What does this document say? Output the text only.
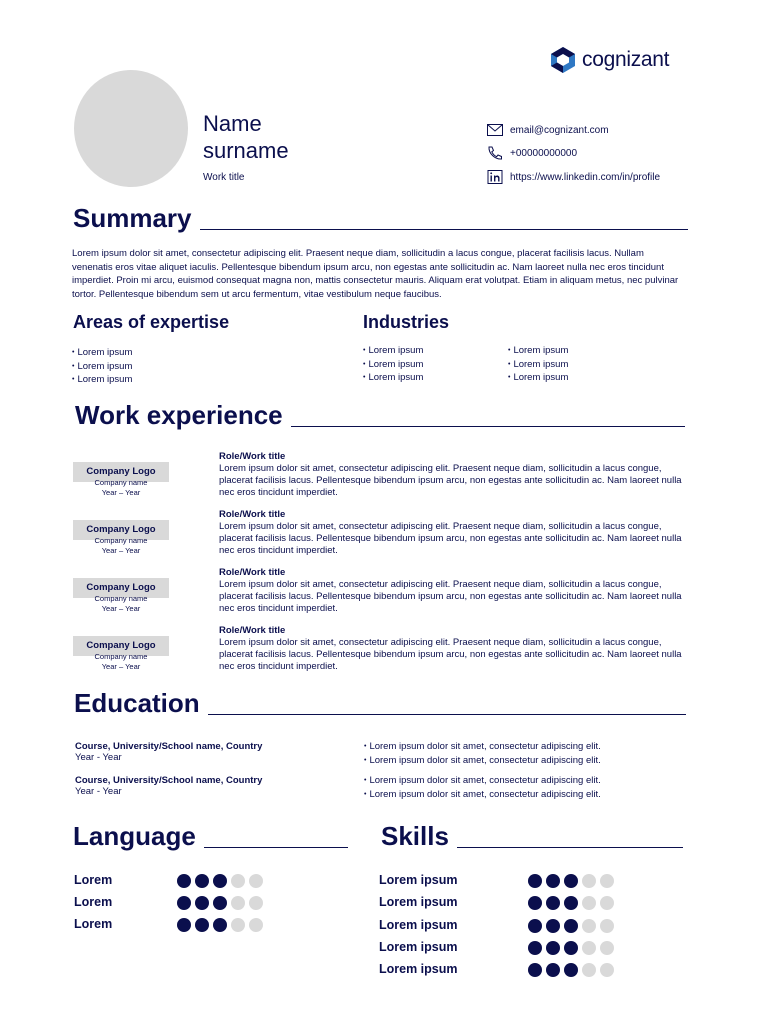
cognizant
Name
surname
Work title
email@cognizant.com
+00000000000
https://www.linkedin.com/in/profile
Summary
Lorem ipsum dolor sit amet, consectetur adipiscing elit. Praesent neque diam, sollicitudin a lacus congue, placerat facilisis lacus. Nullam venenatis eros vitae aliquet iaculis. Pellentesque bibendum ipsum arcu, non egestas ante sollicitudin ac. Nam laoreet nulla nec eros tincidunt imperdiet. Proin mi arcu, euismod consequat magna non, mattis consectetur mauris. Aliquam erat volutpat. Etiam in aliquam metus, nec pulvinar tortor. Pellentesque bibendum sem ut arcu fermentum, vitae vestibulum neque faucibus.
Areas of expertise
• Lorem ipsum
• Lorem ipsum
• Lorem ipsum
Industries
• Lorem ipsum
• Lorem ipsum
• Lorem ipsum
• Lorem ipsum
• Lorem ipsum
• Lorem ipsum
Work experience
Company Logo
Company name
Year – Year
Role/Work title
Lorem ipsum dolor sit amet, consectetur adipiscing elit. Praesent neque diam, sollicitudin a lacus congue, placerat facilisis lacus. Pellentesque bibendum ipsum arcu, non egestas ante sollicitudin ac. Nam laoreet nulla nec eros tincidunt imperdiet.
Company Logo
Company name
Year – Year
Role/Work title
Lorem ipsum dolor sit amet, consectetur adipiscing elit. Praesent neque diam, sollicitudin a lacus congue, placerat facilisis lacus. Pellentesque bibendum ipsum arcu, non egestas ante sollicitudin ac. Nam laoreet nulla nec eros tincidunt imperdiet.
Company Logo
Company name
Year – Year
Role/Work title
Lorem ipsum dolor sit amet, consectetur adipiscing elit. Praesent neque diam, sollicitudin a lacus congue, placerat facilisis lacus. Pellentesque bibendum ipsum arcu, non egestas ante sollicitudin ac. Nam laoreet nulla nec eros tincidunt imperdiet.
Company Logo
Company name
Year – Year
Role/Work title
Lorem ipsum dolor sit amet, consectetur adipiscing elit. Praesent neque diam, sollicitudin a lacus congue, placerat facilisis lacus. Pellentesque bibendum ipsum arcu, non egestas ante sollicitudin ac. Nam laoreet nulla nec eros tincidunt imperdiet.
Education
Course, University/School name, Country
Year - Year
• Lorem ipsum dolor sit amet, consectetur adipiscing elit.
• Lorem ipsum dolor sit amet, consectetur adipiscing elit.
Course, University/School name, Country
Year - Year
• Lorem ipsum dolor sit amet, consectetur adipiscing elit.
• Lorem ipsum dolor sit amet, consectetur adipiscing elit.
Language
Lorem
Lorem
Lorem
Skills
Lorem ipsum
Lorem ipsum
Lorem ipsum
Lorem ipsum
Lorem ipsum
